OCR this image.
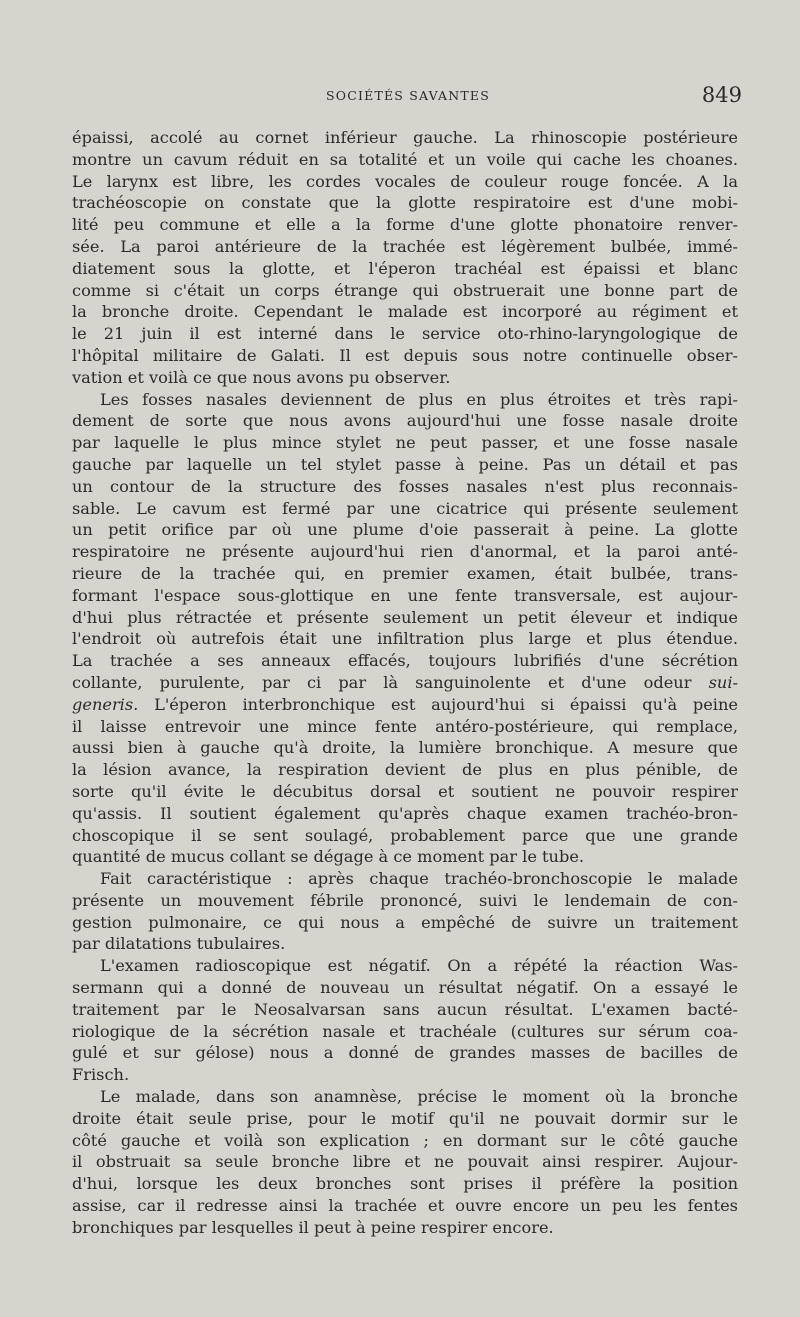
SOCIÉTÉS SAVANTES	849
épaissi, accolé au cornet inférieur gauche. La rhinoscopie postérieure
montre un cavum réduit en sa totalité et un voile qui cache les choanes.
Le larynx est libre, les cordes vocales de couleur rouge foncée. A la
trachéoscopie on constate que la glotte respiratoire est d'une mobi-
lité peu commune et elle a la forme d'une glotte phonatoire renver-
sée. La paroi antérieure de la trachée est légèrement bulbée, immé-
diatement sous la glotte, et l'éperon trachéal est épaissi et blanc
comme si c'était un corps étrange qui obstruerait une bonne part de
la bronche droite. Cependant le malade est incorporé au régiment et
le 21 juin il est interné dans le service oto-rhino-laryngologique de
l'hôpital militaire de Galati. Il est depuis sous notre continuelle obser-
vation et voilà ce que nous avons pu observer.
Les fosses nasales deviennent de plus en plus étroites et très rapi-
dement de sorte que nous avons aujourd'hui une fosse nasale droite
par laquelle le plus mince stylet ne peut passer, et une fosse nasale
gauche par laquelle un tel stylet passe à peine. Pas un détail et pas
un contour de la structure des fosses nasales n'est plus reconnais-
sable. Le cavum est fermé par une cicatrice qui présente seulement
un petit orifice par où une plume d'oie passerait à peine. La glotte
respiratoire ne présente aujourd'hui rien d'anormal, et la paroi anté-
rieure de la trachée qui, en premier examen, était bulbée, trans-
formant l'espace sous-glottique en une fente transversale, est aujour-
d'hui plus rétractée et présente seulement un petit éleveur et indique
l'endroit où autrefois était une infiltration plus large et plus étendue.
La trachée a ses anneaux effacés, toujours lubrifiés d'une sécrétion
collante, purulente, par ci par là sanguinolente et d'une odeur sui-
generis. L'éperon interbronchique est aujourd'hui si épaissi qu'à peine
il laisse entrevoir une mince fente antéro-postérieure, qui remplace,
aussi bien à gauche qu'à droite, la lumière bronchique. A mesure que
la lésion avance, la respiration devient de plus en plus pénible, de
sorte qu'il évite le décubitus dorsal et soutient ne pouvoir respirer
qu'assis. Il soutient également qu'après chaque examen trachéo-bron-
choscopique il se sent soulagé, probablement parce que une grande
quantité de mucus collant se dégage à ce moment par le tube.
Fait caractéristique : après chaque trachéo-bronchoscopie le malade
présente un mouvement fébrile prononcé, suivi le lendemain de con-
gestion pulmonaire, ce qui nous a empêché de suivre un traitement
par dilatations tubulaires.
L'examen radioscopique est négatif. On a répété la réaction Was-
sermann qui a donné de nouveau un résultat négatif. On a essayé le
traitement par le Neosalvarsan sans aucun résultat. L'examen bacté-
riologique de la sécrétion nasale et trachéale (cultures sur sérum coa-
gulé et sur gélose) nous a donné de grandes masses de bacilles de
Frisch.
Le malade, dans son anamnèse, précise le moment où la bronche
droite était seule prise, pour le motif qu'il ne pouvait dormir sur le
côté gauche et voilà son explication ; en dormant sur le côté gauche
il obstruait sa seule bronche libre et ne pouvait ainsi respirer. Aujour-
d'hui, lorsque les deux bronches sont prises il préfère la position
assise, car il redresse ainsi la trachée et ouvre encore un peu les fentes
bronchiques par lesquelles il peut à peine respirer encore.
